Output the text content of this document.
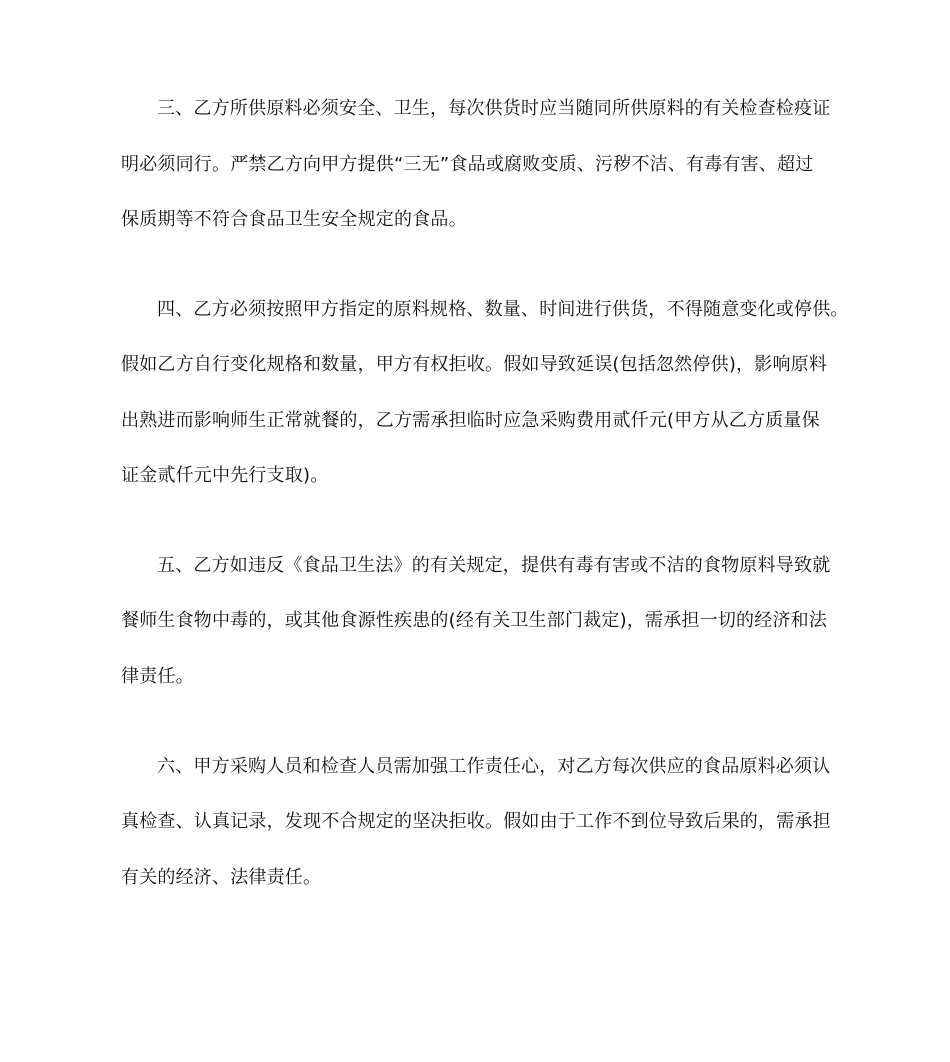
三、乙方所供原料必须安全、卫生，每次供货时应当随同所供原料的有关检查检疫证
明必须同行。严禁乙方向甲方提供“三无”食品或腐败变质、污秽不洁、有毒有害、超过
保质期等不符合食品卫生安全规定的食品。
四、乙方必须按照甲方指定的原料规格、数量、时间进行供货，不得随意变化或停供。
假如乙方自行变化规格和数量，甲方有权拒收。假如导致延误(包括忽然停供)，影响原料
出熟进而影响师生正常就餐的，乙方需承担临时应急采购费用贰仟元(甲方从乙方质量保
证金贰仟元中先行支取)。
五、乙方如违反《食品卫生法》的有关规定，提供有毒有害或不洁的食物原料导致就
餐师生食物中毒的，或其他食源性疾患的(经有关卫生部门裁定)，需承担一切的经济和法
律责任。
六、甲方采购人员和检查人员需加强工作责任心，对乙方每次供应的食品原料必须认
真检查、认真记录，发现不合规定的坚决拒收。假如由于工作不到位导致后果的，需承担
有关的经济、法律责任。
